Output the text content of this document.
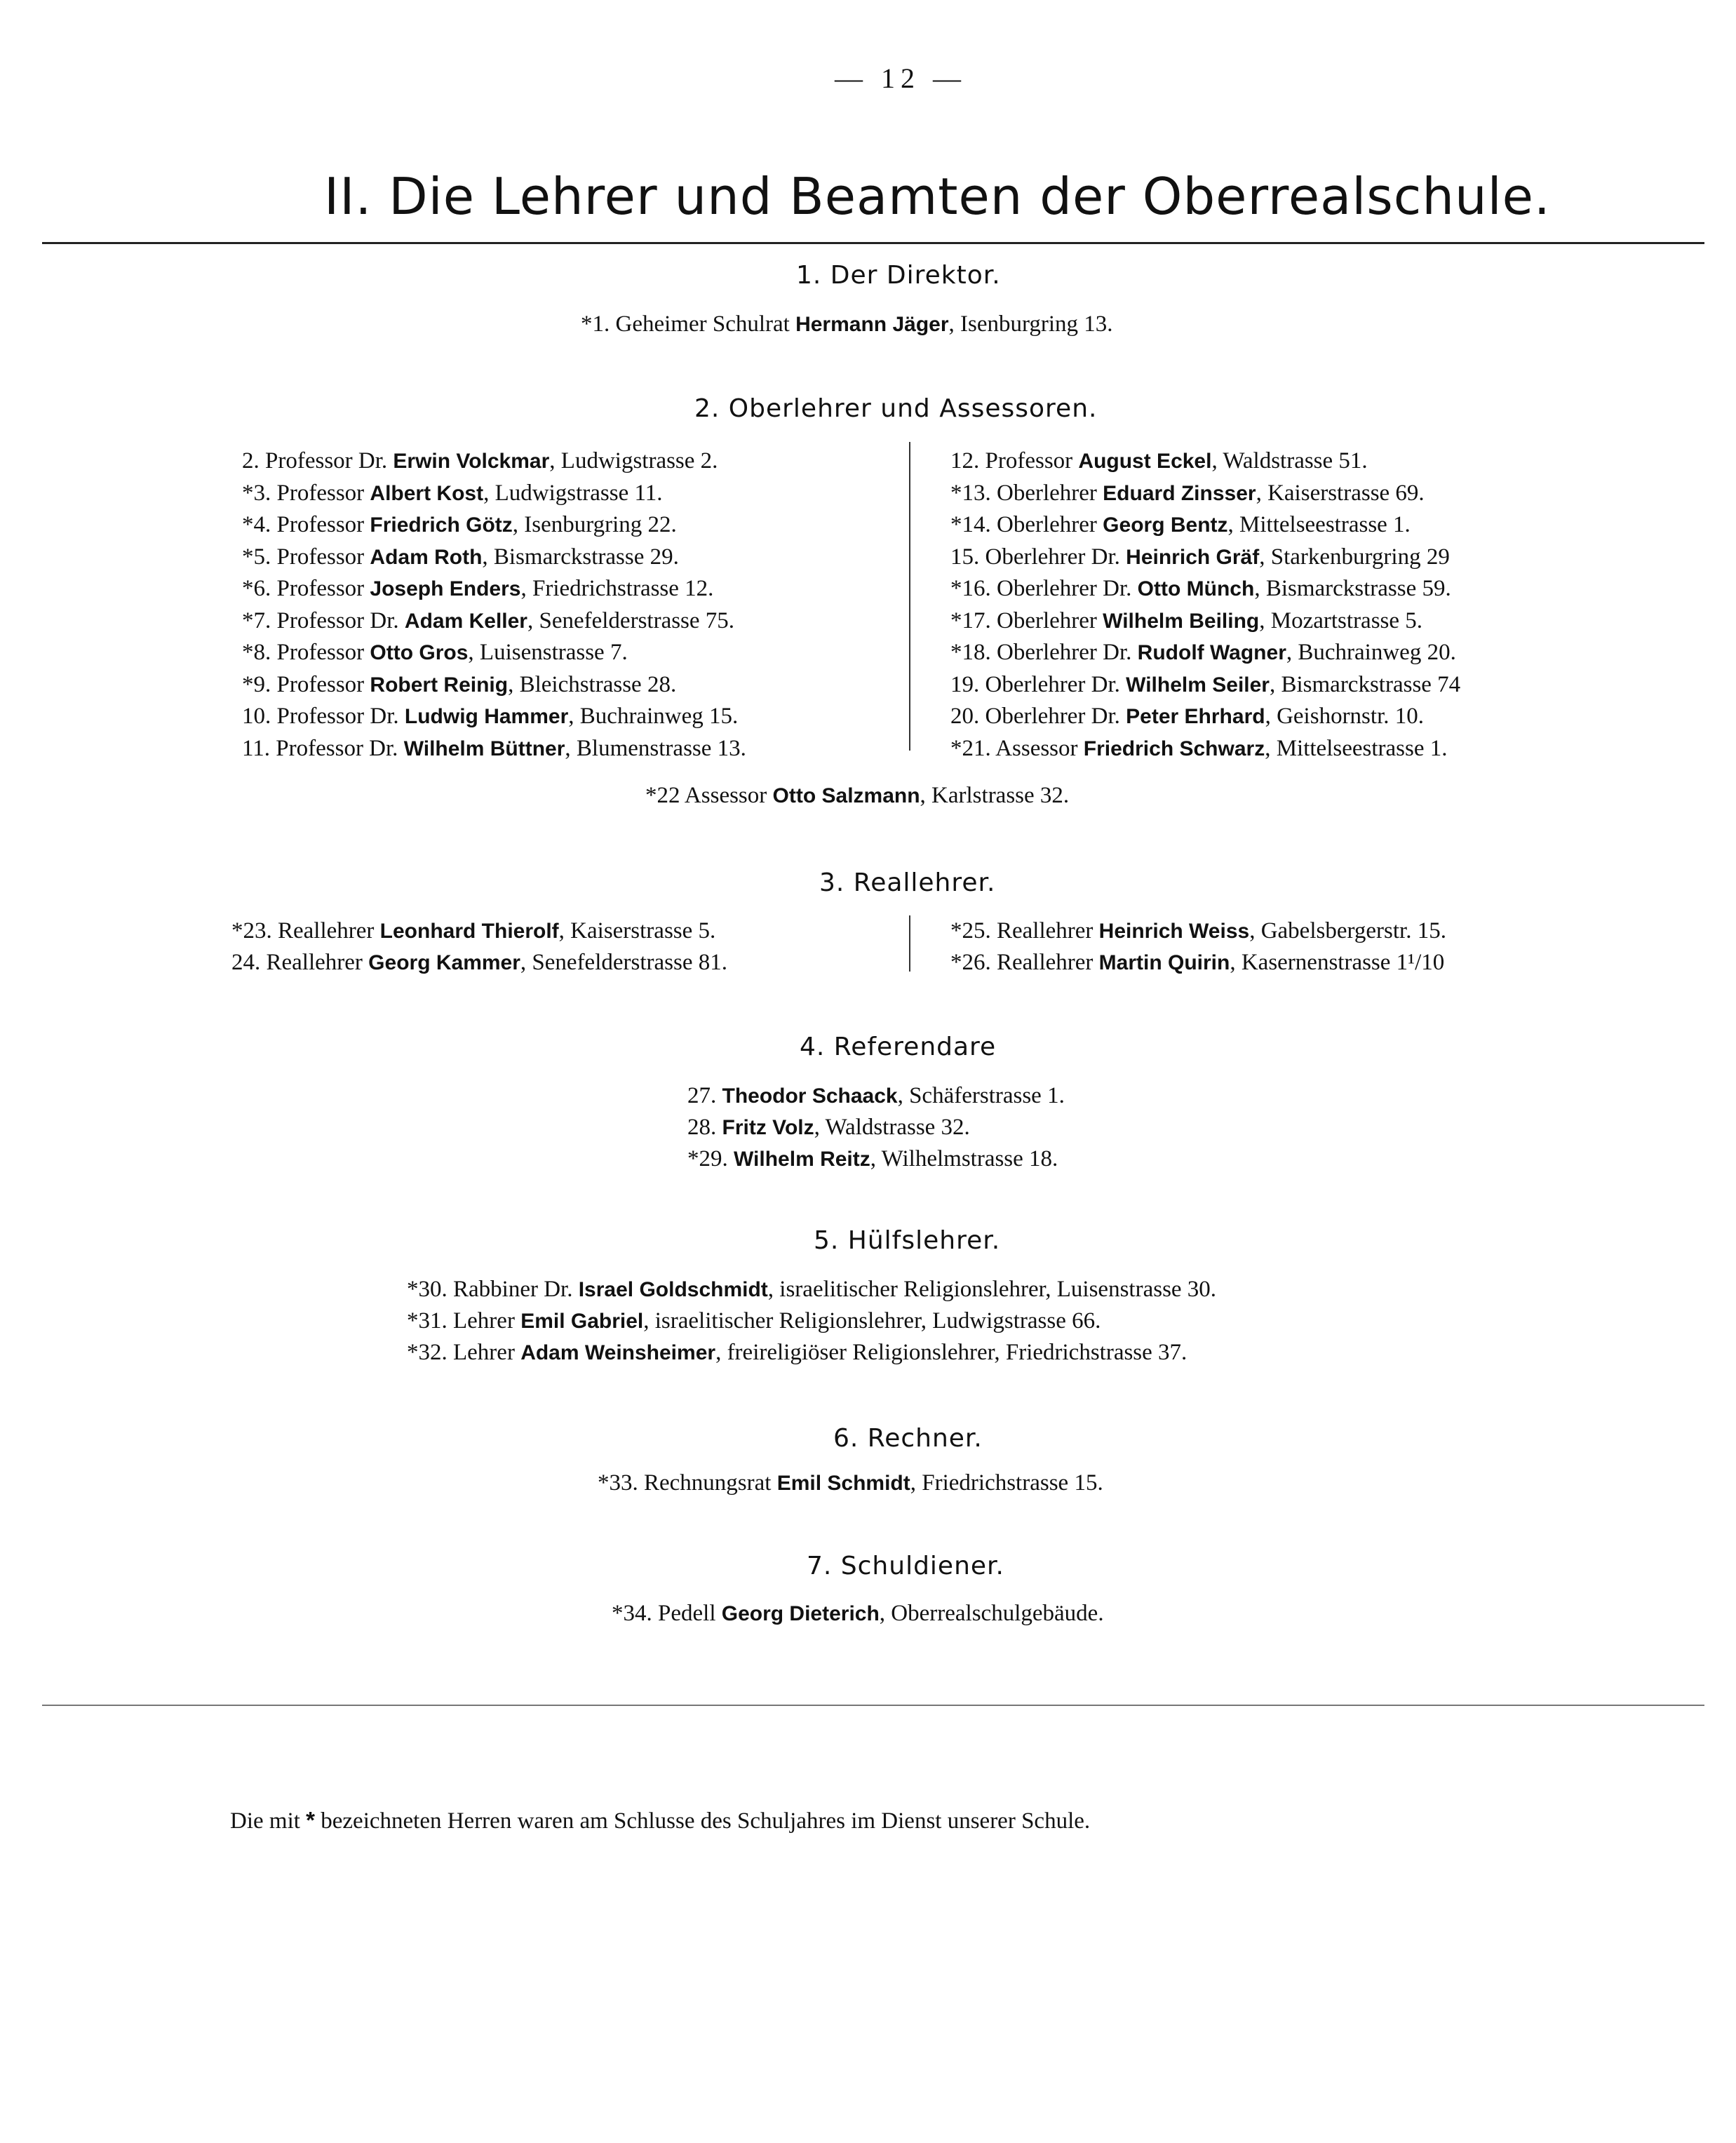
— 12 —
II. Die Lehrer und Beamten der Oberrealschule.
1. Der Direktor.
*1. Geheimer Schulrat Hermann Jäger, Isenburgring 13.
2. Oberlehrer und Assessoren.
2. Professor Dr. Erwin Volckmar, Ludwigstrasse 2.
*3. Professor Albert Kost, Ludwigstrasse 11.
*4. Professor Friedrich Götz, Isenburgring 22.
*5. Professor Adam Roth, Bismarckstrasse 29.
*6. Professor Joseph Enders, Friedrichstrasse 12.
*7. Professor Dr. Adam Keller, Senefelderstrasse 75.
*8. Professor Otto Gros, Luisenstrasse 7.
*9. Professor Robert Reinig, Bleichstrasse 28.
10. Professor Dr. Ludwig Hammer, Buchrainweg 15.
11. Professor Dr. Wilhelm Büttner, Blumenstrasse 13.
12. Professor August Eckel, Waldstrasse 51.
*13. Oberlehrer Eduard Zinsser, Kaiserstrasse 69.
*14. Oberlehrer Georg Bentz, Mittelseestrasse 1.
15. Oberlehrer Dr. Heinrich Gräf, Starkenburgring 29
*16. Oberlehrer Dr. Otto Münch, Bismarckstrasse 59.
*17. Oberlehrer Wilhelm Beiling, Mozartstrasse 5.
*18. Oberlehrer Dr. Rudolf Wagner, Buchrainweg 20.
19. Oberlehrer Dr. Wilhelm Seiler, Bismarckstrasse 74
20. Oberlehrer Dr. Peter Ehrhard, Geishornstr. 10.
*21. Assessor Friedrich Schwarz, Mittelseestrasse 1.
*22 Assessor Otto Salzmann, Karlstrasse 32.
3. Reallehrer.
*23. Reallehrer Leonhard Thierolf, Kaiserstrasse 5.
24. Reallehrer Georg Kammer, Senefelderstrasse 81.
*25. Reallehrer Heinrich Weiss, Gabelsbergerstr. 15.
*26. Reallehrer Martin Quirin, Kasernenstrasse 1¹/10
4. Referendare
27. Theodor Schaack, Schäferstrasse 1.
28. Fritz Volz, Waldstrasse 32.
*29. Wilhelm Reitz, Wilhelmstrasse 18.
5. Hülfslehrer.
*30. Rabbiner Dr. Israel Goldschmidt, israelitischer Religionslehrer, Luisenstrasse 30.
*31. Lehrer Emil Gabriel, israelitischer Religionslehrer, Ludwigstrasse 66.
*32. Lehrer Adam Weinsheimer, freireligiöser Religionslehrer, Friedrichstrasse 37.
6. Rechner.
*33. Rechnungsrat Emil Schmidt, Friedrichstrasse 15.
7. Schuldiener.
*34. Pedell Georg Dieterich, Oberrealschulgebäude.
Die mit * bezeichneten Herren waren am Schlusse des Schuljahres im Dienst unserer Schule.
